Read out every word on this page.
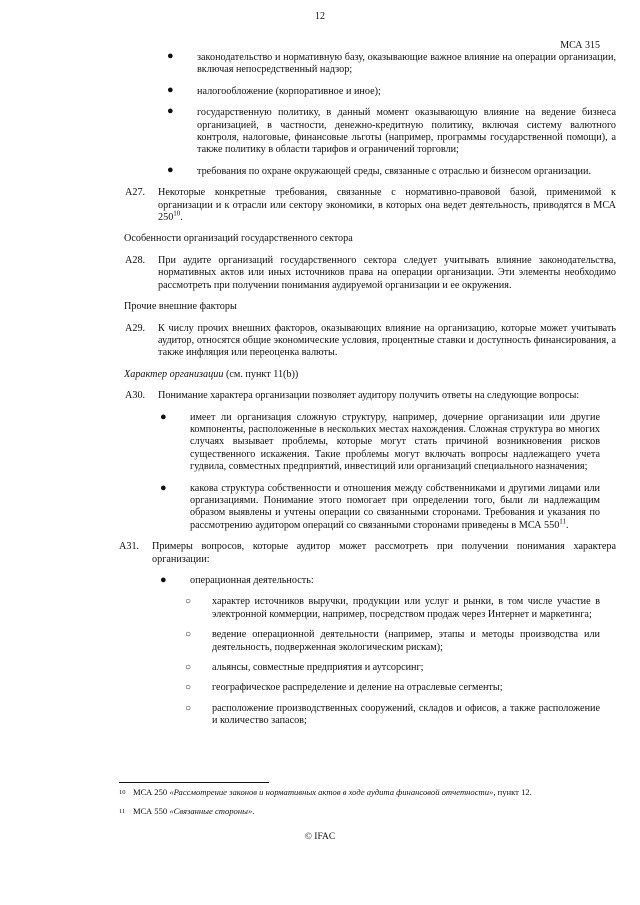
12
МСА 315
● законодательство и нормативную базу, оказывающие важное влияние на операции организации, включая непосредственный надзор;
● налогообложение (корпоративное и иное);
● государственную политику, в данный момент оказывающую влияние на ведение бизнеса организацией, в частности, денежно-кредитную политику, включая систему валютного контроля, налоговые, финансовые льготы (например, программы государственной помощи), а также политику в области тарифов и ограничений торговли;
● требования по охране окружающей среды, связанные с отраслью и бизнесом организации.
A27. Некоторые конкретные требования, связанные с нормативно-правовой базой, применимой к организации и к отрасли или сектору экономики, в которых она ведет деятельность, приводятся в МСА $250^{10}$.
Особенности организаций государственного сектора
A28. При аудите организаций государственного сектора следует учитывать влияние законодательства, нормативных актов или иных источников права на операции организации. Эти элементы необходимо рассмотреть при получении понимания аудируемой организации и ее окружения.
Прочие внешние факторы
A29. К числу прочих внешних факторов, оказывающих влияние на организацию, которые может учитывать аудитор, относятся общие экономические условия, процентные ставки и доступность финансирования, а также инфляция или переоценка валюты.
Характер организации (см. пункт 11(b))
A30. Понимание характера организации позволяет аудитору получить ответы на следующие вопросы:
● имеет ли организация сложную структуру, например, дочерние организации или другие компоненты, расположенные в нескольких местах нахождения. Сложная структура во многих случаях вызывает проблемы, которые могут стать причиной возникновения рисков существенного искажения. Такие проблемы могут включать вопросы надлежащего учета гудвила, совместных предприятий, инвестиций или организаций специального назначения;
● какова структура собственности и отношения между собственниками и другими лицами или организациями. Понимание этого помогает при определении того, были ли надлежащим образом выявлены и учтены операции со связанными сторонами. Требования и указания по рассмотрению аудитором операций со связанными сторонами приведены в МСА $550^{11}$.
A31. Примеры вопросов, которые аудитор может рассмотреть при получении понимания характера организации:
● операционная деятельность:
○ характер источников выручки, продукции или услуг и рынки, в том числе участие в электронной коммерции, например, посредством продаж через Интернет и маркетинга;
○ ведение операционной деятельности (например, этапы и методы производства или деятельность, подверженная экологическим рискам);
○ альянсы, совместные предприятия и аутсорсинг;
○ географическое распределение и деление на отраслевые сегменты;
○ расположение производственных сооружений, складов и офисов, а также расположение и количество запасов;
10 МСА 250 «Рассмотрение законов и нормативных актов в ходе аудита финансовой отчетности», пункт 12.
11 МСА 550 «Связанные стороны».
© IFAC
